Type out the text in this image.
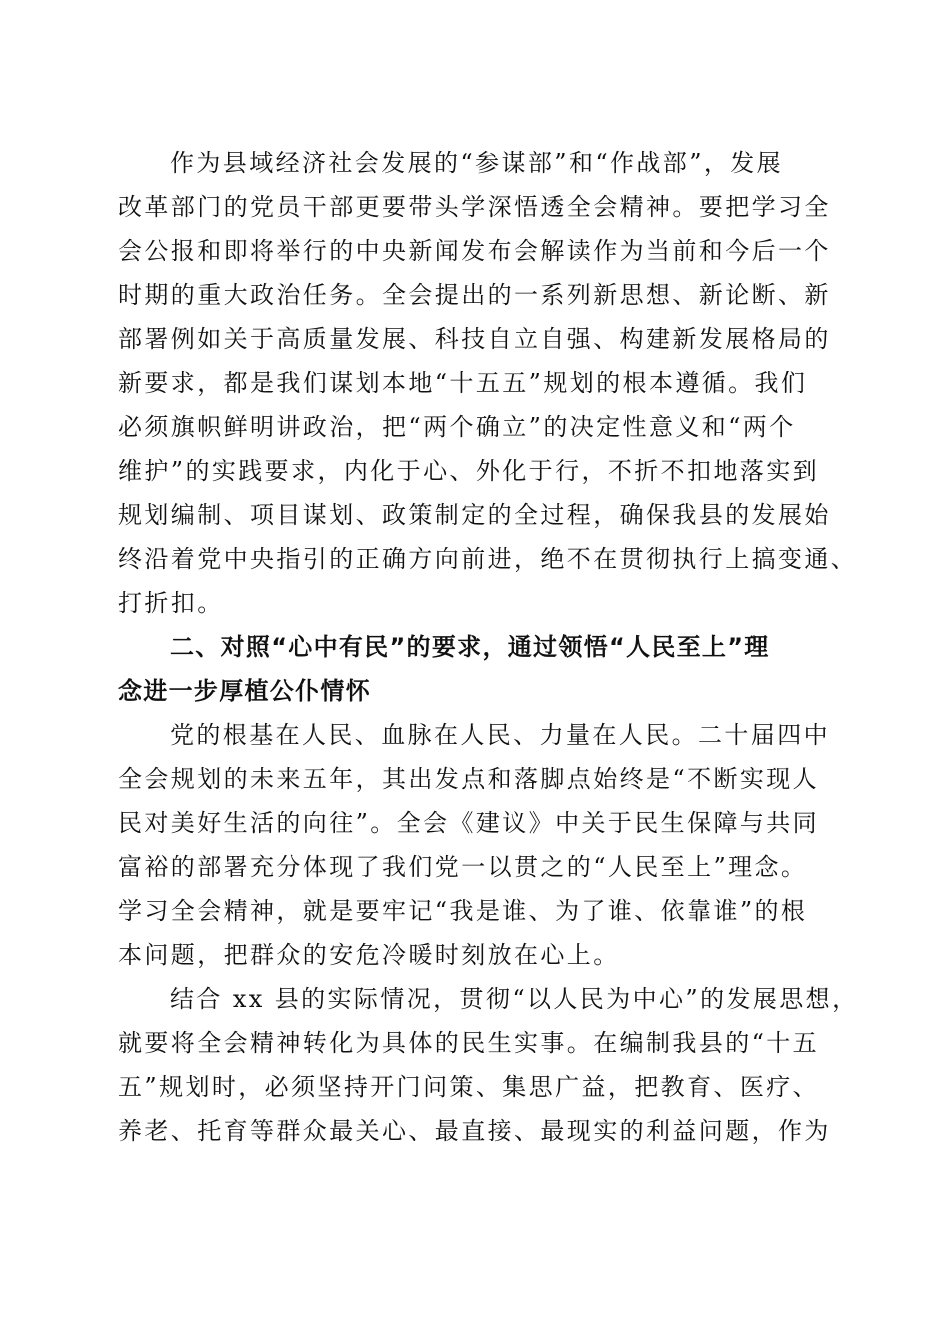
作为县域经济社会发展的“参谋部”和“作战部”，发展
改革部门的党员干部更要带头学深悟透全会精神。要把学习全
会公报和即将举行的中央新闻发布会解读作为当前和今后一个
时期的重大政治任务。全会提出的一系列新思想、新论断、新
部署例如关于高质量发展、科技自立自强、构建新发展格局的
新要求，都是我们谋划本地“十五五”规划的根本遵循。我们
必须旗帜鲜明讲政治，把“两个确立”的决定性意义和“两个
维护”的实践要求，内化于心、外化于行，不折不扣地落实到
规划编制、项目谋划、政策制定的全过程，确保我县的发展始
终沿着党中央指引的正确方向前进，绝不在贯彻执行上搞变通、
打折扣。
二、对照“心中有民”的要求，通过领悟“人民至上”理
念进一步厚植公仆情怀
党的根基在人民、血脉在人民、力量在人民。二十届四中
全会规划的未来五年，其出发点和落脚点始终是“不断实现人
民对美好生活的向往”。全会《建议》中关于民生保障与共同
富裕的部署充分体现了我们党一以贯之的“人民至上”理念。
学习全会精神，就是要牢记“我是谁、为了谁、依靠谁”的根
本问题，把群众的安危冷暖时刻放在心上。
结合 xx 县的实际情况，贯彻“以人民为中心”的发展思想，
就要将全会精神转化为具体的民生实事。在编制我县的“十五
五”规划时，必须坚持开门问策、集思广益，把教育、医疗、
养老、托育等群众最关心、最直接、最现实的利益问题，作为
